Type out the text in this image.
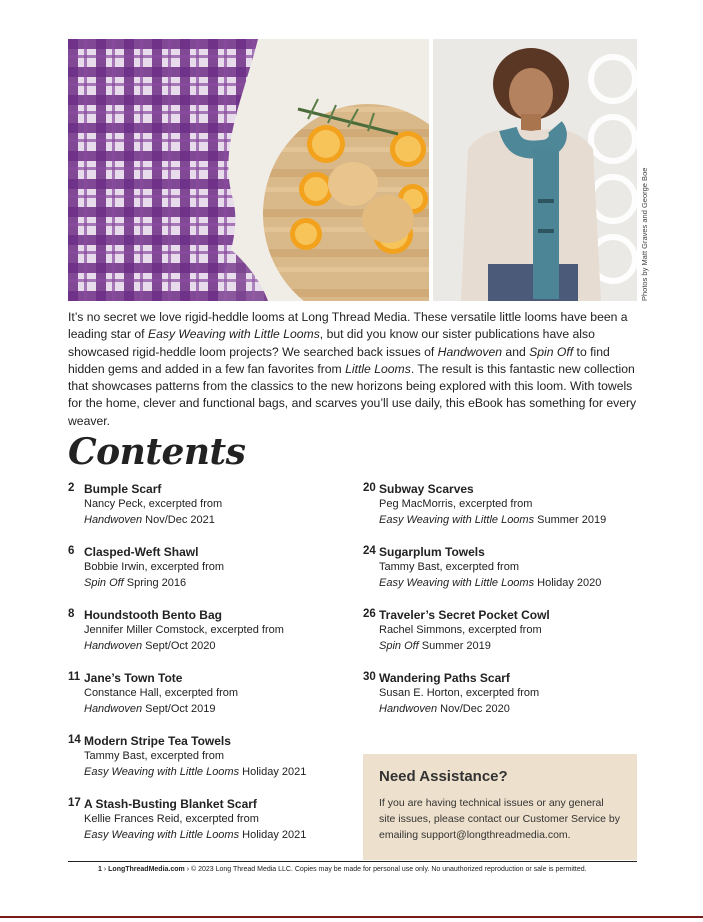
Photos by Matt Graves and George Boe

It’s no secret we love rigid-heddle looms at Long Thread Media. These versatile little looms have been a leading star of Easy Weaving with Little Looms, but did you know our sister publications have also showcased rigid-heddle loom projects? We searched back issues of Handwoven and Spin Off to find hidden gems and added in a few fan favorites from Little Looms. The result is this fantastic new collection that showcases patterns from the classics to the new horizons being explored with this loom. With towels for the home, clever and functional bags, and scarves you’ll use daily, this eBook has something for every weaver.

Contents
2 Bumple Scarf
Nancy Peck, excerpted from
Handwoven Nov/Dec 2021
6 Clasped-Weft Shawl
Bobbie Irwin, excerpted from
Spin Off Spring 2016
8 Houndstooth Bento Bag
Jennifer Miller Comstock, excerpted from
Handwoven Sept/Oct 2020
11 Jane’s Town Tote
Constance Hall, excerpted from
Handwoven Sept/Oct 2019
14 Modern Stripe Tea Towels
Tammy Bast, excerpted from
Easy Weaving with Little Looms Holiday 2021
17 A Stash-Busting Blanket Scarf
Kellie Frances Reid, excerpted from
Easy Weaving with Little Looms Holiday 2021
20 Subway Scarves
Peg MacMorris, excerpted from
Easy Weaving with Little Looms Summer 2019
24 Sugarplum Towels
Tammy Bast, excerpted from
Easy Weaving with Little Looms Holiday 2020
26 Traveler’s Secret Pocket Cowl
Rachel Simmons, excerpted from
Spin Off Summer 2019
30 Wandering Paths Scarf
Susan E. Horton, excerpted from
Handwoven Nov/Dec 2020
Need Assistance?
If you are having technical issues or any general site issues, please contact our Customer Service by emailing support@longthreadmedia.com.
1 › LongThreadMedia.com › © 2023 Long Thread Media LLC. Copies may be made for personal use only. No unauthorized reproduction or sale is permitted.
